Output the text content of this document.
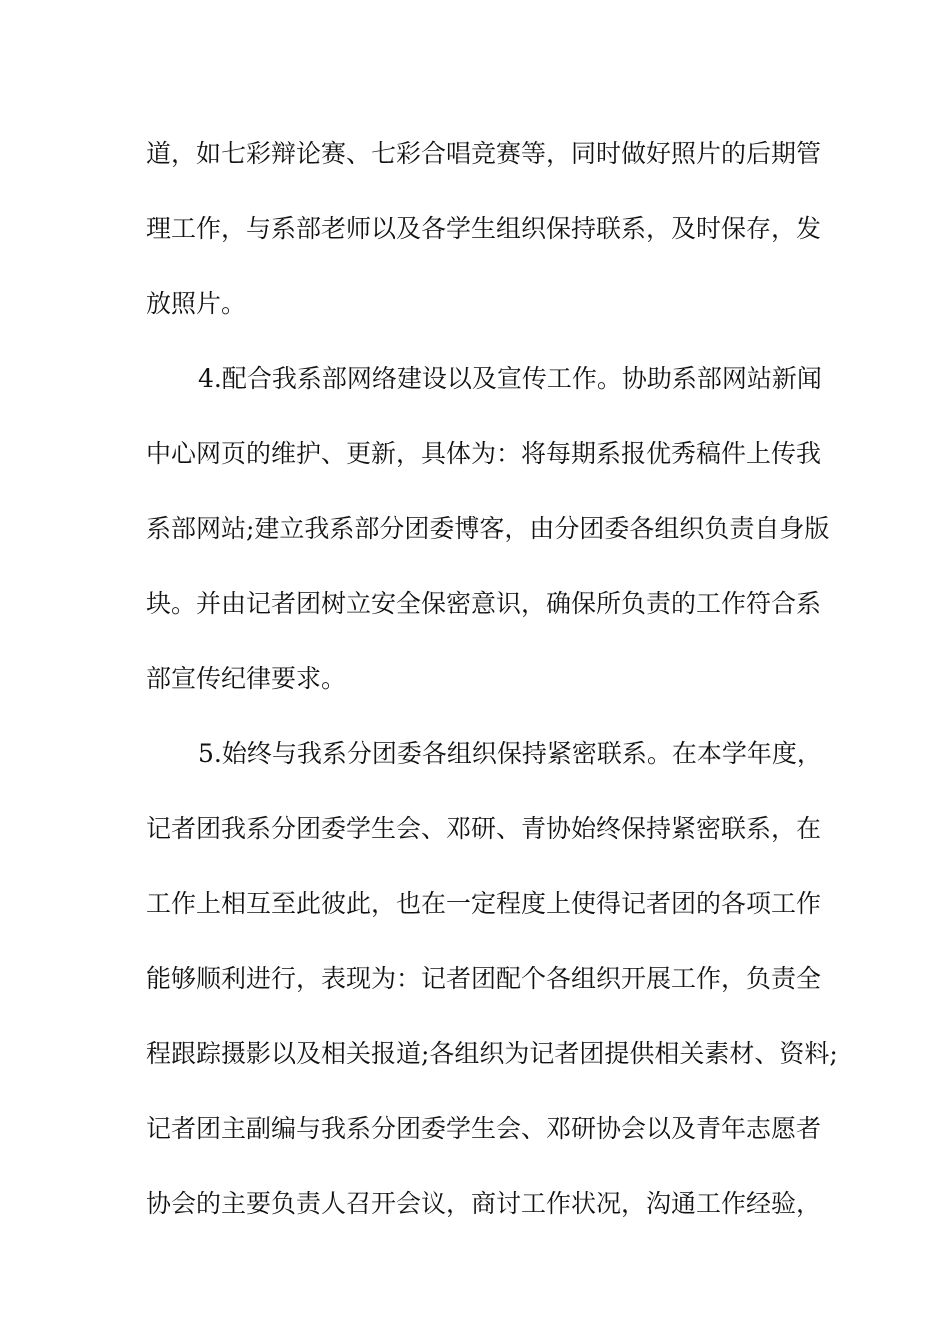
道，如七彩辩论赛、七彩合唱竞赛等，同时做好照片的后期管
理工作，与系部老师以及各学生组织保持联系，及时保存，发
放照片。
4.配合我系部网络建设以及宣传工作。协助系部网站新闻
中心网页的维护、更新，具体为：将每期系报优秀稿件上传我
系部网站;建立我系部分团委博客，由分团委各组织负责自身版
块。并由记者团树立安全保密意识，确保所负责的工作符合系
部宣传纪律要求。
5.始终与我系分团委各组织保持紧密联系。在本学年度，
记者团我系分团委学生会、邓研、青协始终保持紧密联系，在
工作上相互至此彼此，也在一定程度上使得记者团的各项工作
能够顺利进行，表现为：记者团配个各组织开展工作，负责全
程跟踪摄影以及相关报道;各组织为记者团提供相关素材、资料;
记者团主副编与我系分团委学生会、邓研协会以及青年志愿者
协会的主要负责人召开会议，商讨工作状况，沟通工作经验，
